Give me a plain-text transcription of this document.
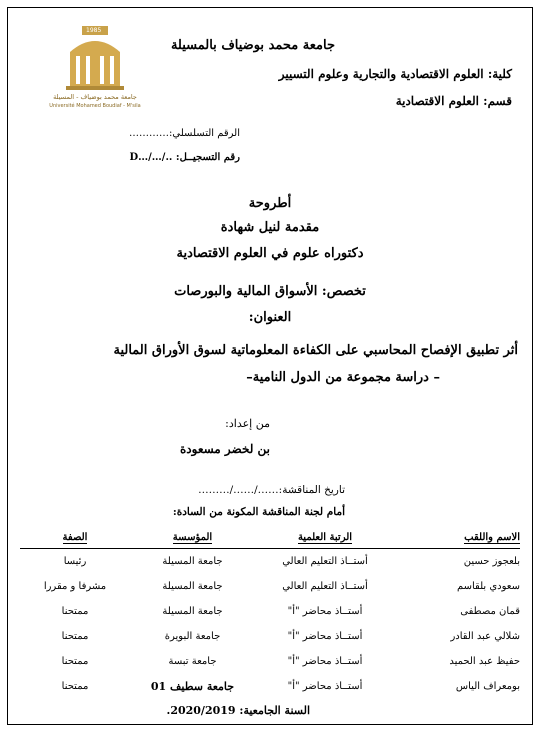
1985
جامعة محمد بوضياف - المسيلة
Université Mohamed Boudiaf - M'sila
جامعة محمد بوضياف بالمسيلة
كلية: العلوم الاقتصادية والتجارية وعلوم التسيير
قسم: العلوم الاقتصادية
الرقم التسلسلي:…………
رقم التسجيــل: ../…/…D
أطروحة
مقدمة لنيل شهادة
دكتوراه علوم في العلوم الاقتصادية
تخصص: الأسواق المالية والبورصات
العنوان:
أثر تطبيق الإفصاح المحاسبي على الكفاءة المعلوماتية لسوق الأوراق المالية
– دراسة مجموعة من الدول النامية–
من إعداد:
بن لخضر مسعودة
تاريخ المناقشة:……/……/………
أمام لجنة المناقشة المكونة من السادة:
الاسم واللقب	الرتبة العلمية	المؤسسة	الصفة
بلعجوز حسين	أستــاذ التعليم العالي	جامعة المسيلة	رئيسا
سعودي بلقاسم	أستــاذ التعليم العالي	جامعة المسيلة	مشرفا و مقررا
قمان مصطفى	أستــاذ محاضر "أ"	جامعة المسيلة	ممتحنا
شلالي عبد القادر	أستــاذ محاضر "أ"	جامعة البويرة	ممتحنا
حفيظ عبد الحميد	أستــاذ محاضر "أ"	جامعة تبسة	ممتحنا
بومعراف الياس	أستــاذ محاضر "أ"	جامعة سطيف 01	ممتحنا
السنة الجامعية: 2020/2019.
